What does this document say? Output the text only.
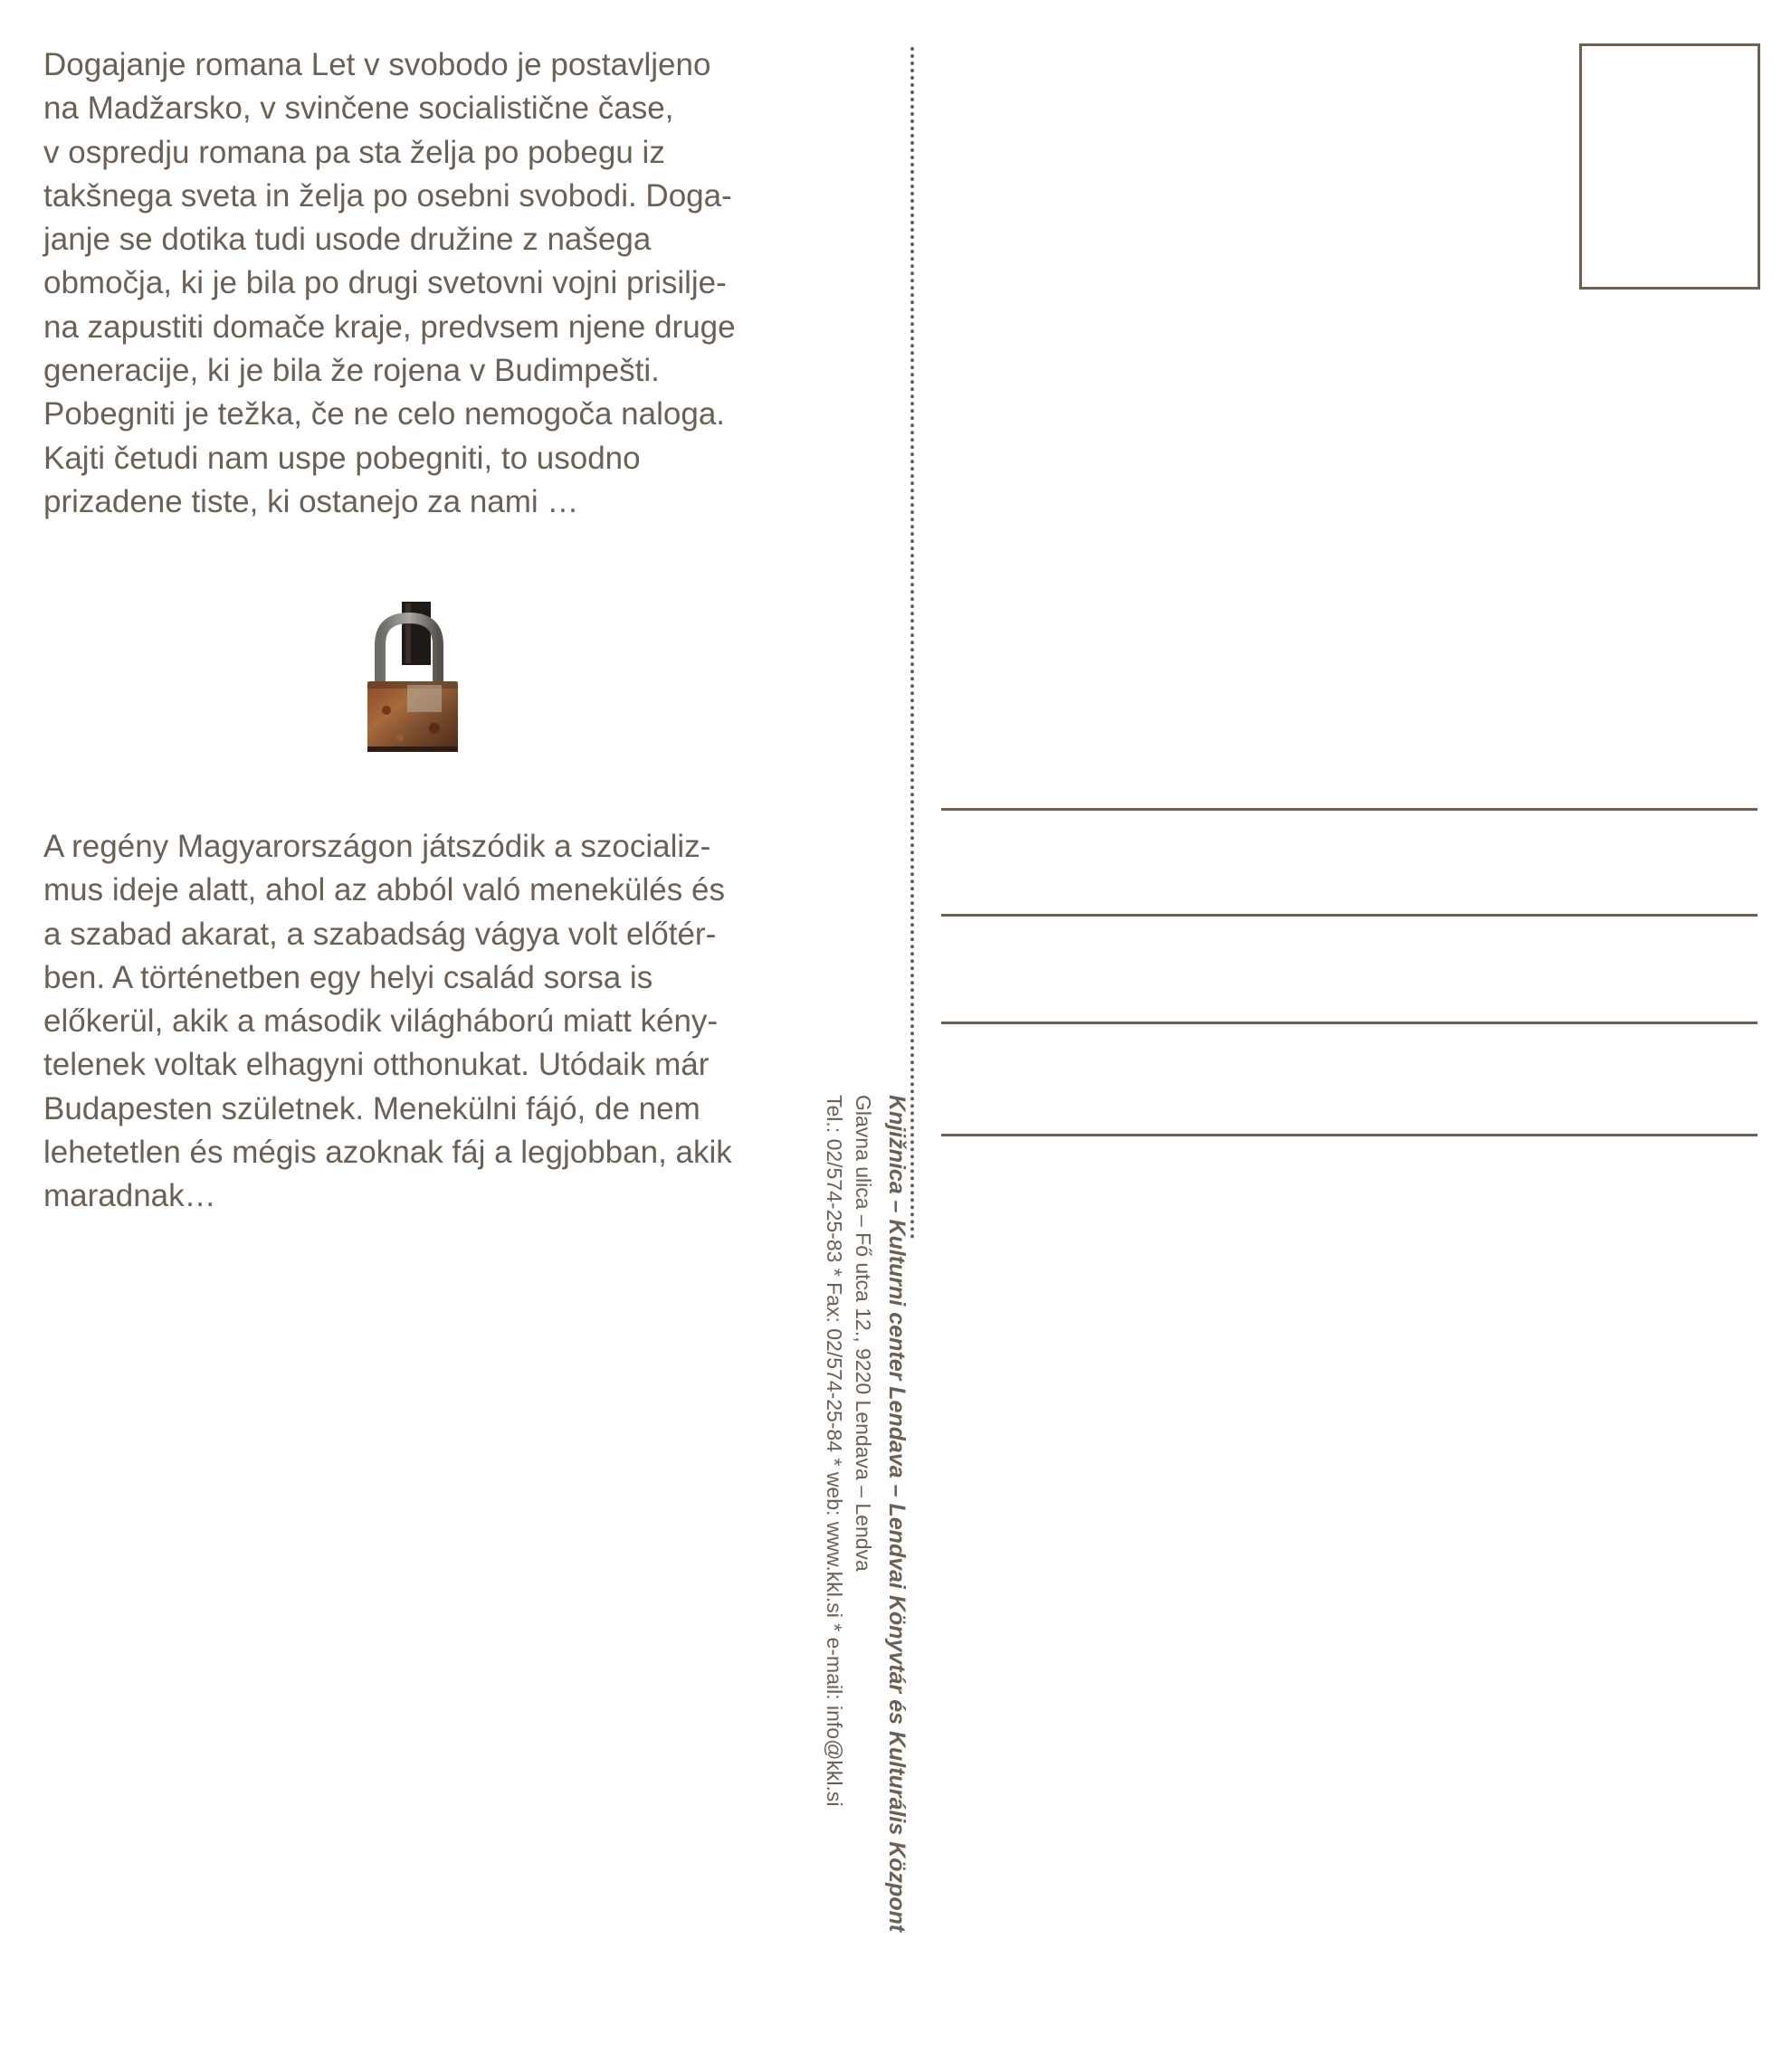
Dogajanje romana Let v svobodo je postavljeno
na Madžarsko, v svinčene socialistične čase,
v ospredju romana pa sta želja po pobegu iz
takšnega sveta in želja po osebni svobodi. Doga-
janje se dotika tudi usode družine z našega
območja, ki je bila po drugi svetovni vojni prisilje-
na zapustiti domače kraje, predvsem njene druge
generacije, ki je bila že rojena v Budimpešti.
Pobegniti je težka, če ne celo nemogoča naloga.
Kajti četudi nam uspe pobegniti, to usodno
prizadene tiste, ki ostanejo za nami …
A regény Magyarországon játszódik a szocializ-
mus ideje alatt, ahol az abból való menekülés és
a szabad akarat, a szabadság vágya volt előtér-
ben. A történetben egy helyi család sorsa is
előkerül, akik a második világháború miatt kény-
telenek voltak elhagyni otthonukat. Utódaik már
Budapesten születnek. Menekülni fájó, de nem
lehetetlen és mégis azoknak fáj a legjobban, akik
maradnak…	Knjižnica – Kulturni center Lendava – Lendvai Könyvtár és Kulturális Központ
Glavna ulica – Fő utca 12., 9220 Lendava – Lendva
Tel.: 02/574-25-83 * Fax: 02/574-25-84 * web: www.kkl.si * e-mail: info@kkl.si
